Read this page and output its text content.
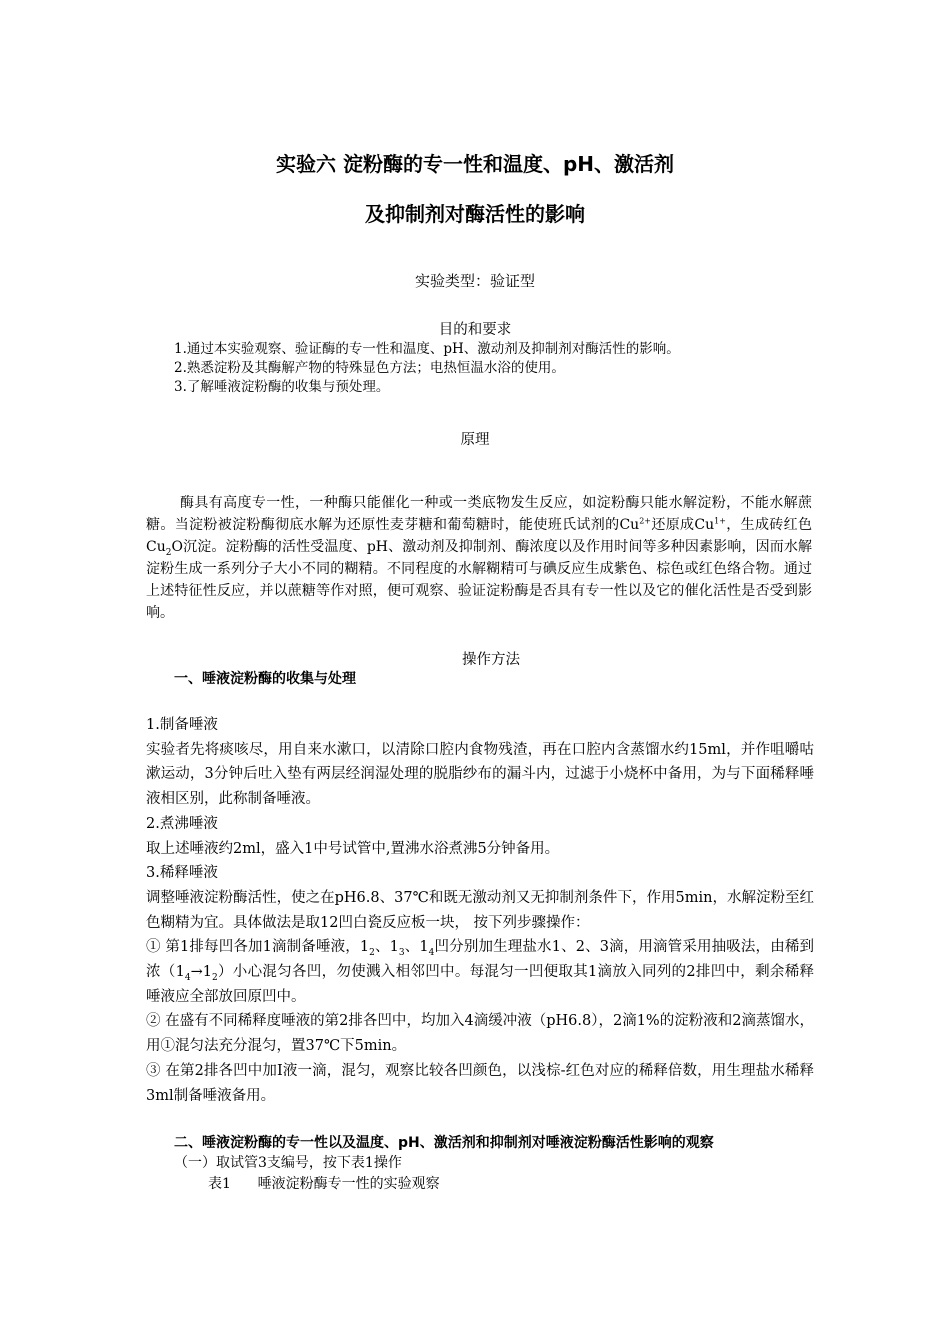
实验六 淀粉酶的专一性和温度、pH、激活剂
及抑制剂对酶活性的影响
实验类型：验证型
目的和要求
1.通过本实验观察、验证酶的专一性和温度、pH、激动剂及抑制剂对酶活性的影响。
2.熟悉淀粉及其酶解产物的特殊显色方法；电热恒温水浴的使用。
3.了解唾液淀粉酶的收集与预处理。
原理

酶具有高度专一性，一种酶只能催化一种或一类底物发生反应，如淀粉酶只能水解淀粉，不能水解蔗糖。当淀粉被淀粉酶彻底水解为还原性麦芽糖和葡萄糖时，能使班氏试剂的$Cu^{2+}$还原成$Cu^{1+}$，生成砖红色$Cu_2O$沉淀。淀粉酶的活性受温度、pH、激动剂及抑制剂、酶浓度以及作用时间等多种因素影响，因而水解淀粉生成一系列分子大小不同的糊精。不同程度的水解糊精可与碘反应生成紫色、棕色或红色络合物。通过上述特征性反应，并以蔗糖等作对照，便可观察、验证淀粉酶是否具有专一性以及它的催化活性是否受到影响。

操作方法
一、唾液淀粉酶的收集与处理

1.制备唾液

实验者先将痰咳尽，用自来水漱口，以清除口腔内食物残渣，再在口腔内含蒸馏水约15ml，并作咀嚼咕漱运动，3分钟后吐入垫有两层经润湿处理的脱脂纱布的漏斗内，过滤于小烧杯中备用，为与下面稀释唾液相区别，此称制备唾液。

2.煮沸唾液

取上述唾液约2ml，盛入1中号试管中,置沸水浴煮沸5分钟备用。

3.稀释唾液

调整唾液淀粉酶活性，使之在pH6.8、37℃和既无激动剂又无抑制剂条件下，作用5min，水解淀粉至红色糊精为宜。具体做法是取12凹白瓷反应板一块， 按下列步骤操作：

① 第1排每凹各加1滴制备唾液，$1_2$、$1_3$、$1_4$凹分别加生理盐水1、2、3滴，用滴管采用抽吸法，由稀到浓$(1_4\to 1_2)$小心混匀各凹，勿使溅入相邻凹中。每混匀一凹便取其1滴放入同列的2排凹中，剩余稀释唾液应全部放回原凹中。

② 在盛有不同稀释度唾液的第2排各凹中，均加入4滴缓冲液（pH6.8），2滴1%的淀粉液和2滴蒸馏水，用①混匀法充分混匀，置37℃下5min。

③ 在第2排各凹中加Ⅰ液一滴，混匀，观察比较各凹颜色，以浅棕-红色对应的稀释倍数，用生理盐水稀释3ml制备唾液备用。

二、唾液淀粉酶的专一性以及温度、pH、激活剂和抑制剂对唾液淀粉酶活性影响的观察
（一）取试管3支编号，按下表1操作
表1      唾液淀粉酶专一性的实验观察
